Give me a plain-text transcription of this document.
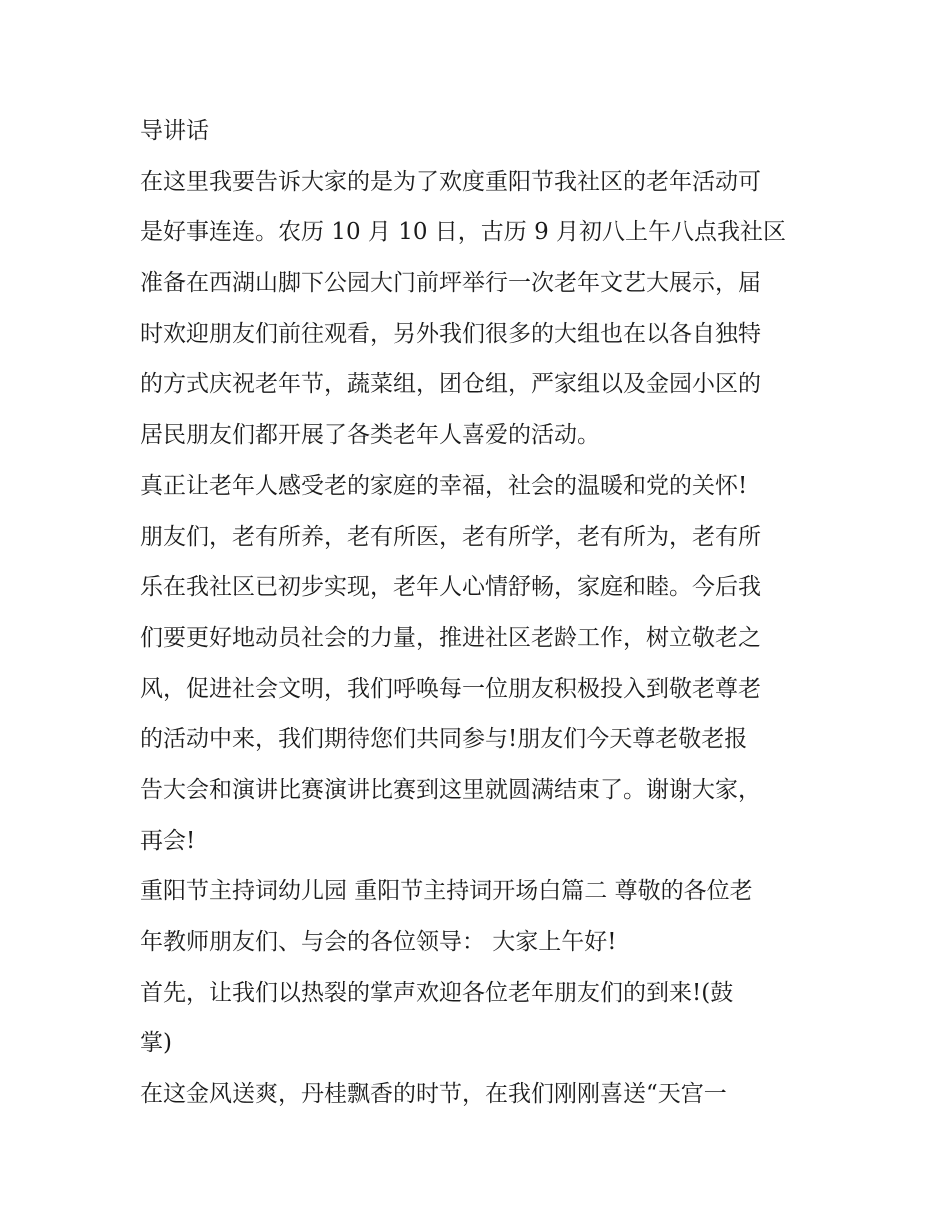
导讲话
在这里我要告诉大家的是为了欢度重阳节我社区的老年活动可
是好事连连。农历 10 月 10 日，古历 9 月初八上午八点我社区
准备在西湖山脚下公园大门前坪举行一次老年文艺大展示，届
时欢迎朋友们前往观看，另外我们很多的大组也在以各自独特
的方式庆祝老年节，蔬菜组，团仓组，严家组以及金园小区的
居民朋友们都开展了各类老年人喜爱的活动。
真正让老年人感受老的家庭的幸福，社会的温暖和党的关怀!
朋友们，老有所养，老有所医，老有所学，老有所为，老有所
乐在我社区已初步实现，老年人心情舒畅，家庭和睦。今后我
们要更好地动员社会的力量，推进社区老龄工作，树立敬老之
风，促进社会文明，我们呼唤每一位朋友积极投入到敬老尊老
的活动中来，我们期待您们共同参与!朋友们今天尊老敬老报
告大会和演讲比赛演讲比赛到这里就圆满结束了。谢谢大家，
再会!
重阳节主持词幼儿园 重阳节主持词开场白篇二 尊敬的各位老
年教师朋友们、与会的各位领导： 大家上午好!
首先，让我们以热裂的掌声欢迎各位老年朋友们的到来!(鼓
掌)
在这金风送爽，丹桂飘香的时节，在我们刚刚喜送“天宫一
